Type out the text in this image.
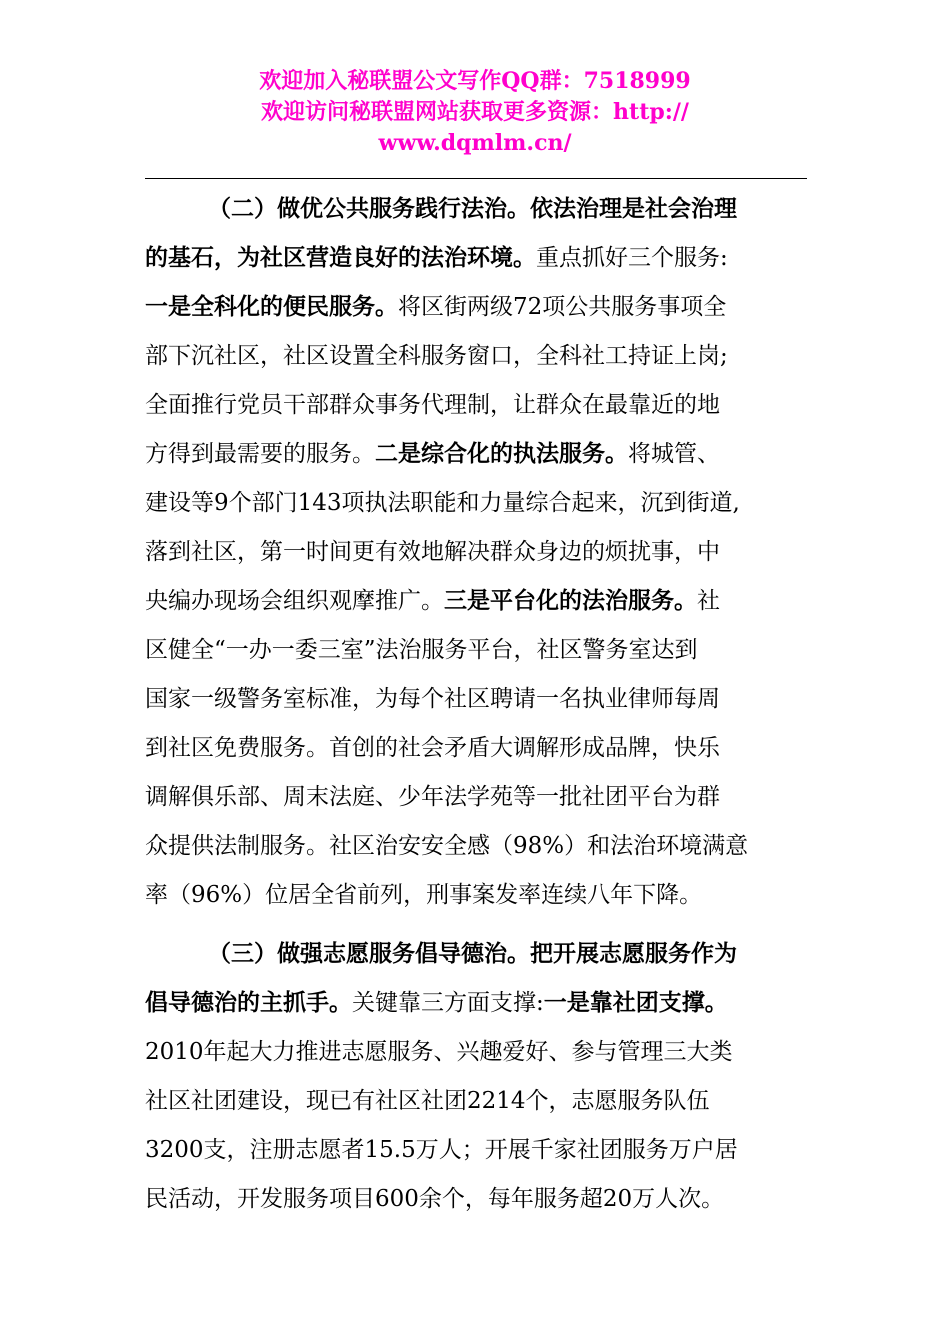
欢迎加入秘联盟公文写作QQ群：7518999
欢迎访问秘联盟网站获取更多资源：http://
www.dqmlm.cn/
（二）做优公共服务践行法治。依法治理是社会治理
的基石，为社区营造良好的法治环境。重点抓好三个服务:
一是全科化的便民服务。将区街两级72项公共服务事项全
部下沉社区，社区设置全科服务窗口，全科社工持证上岗;
全面推行党员干部群众事务代理制，让群众在最靠近的地
方得到最需要的服务。二是综合化的执法服务。将城管、
建设等9个部门143项执法职能和力量综合起来，沉到街道,
落到社区，第一时间更有效地解决群众身边的烦扰事，中
央编办现场会组织观摩推广。三是平台化的法治服务。社
区健全“一办一委三室”法治服务平台，社区警务室达到
国家一级警务室标准，为每个社区聘请一名执业律师每周
到社区免费服务。首创的社会矛盾大调解形成品牌，快乐
调解俱乐部、周末法庭、少年法学苑等一批社团平台为群
众提供法制服务。社区治安安全感（98%）和法治环境满意
率（96%）位居全省前列，刑事案发率连续八年下降。
（三）做强志愿服务倡导德治。把开展志愿服务作为
倡导德治的主抓手。关键靠三方面支撑:一是靠社团支撑。
2010年起大力推进志愿服务、兴趣爱好、参与管理三大类
社区社团建设，现已有社区社团2214个，志愿服务队伍
3200支，注册志愿者15.5万人；开展千家社团服务万户居
民活动，开发服务项目600余个，每年服务超20万人次。
